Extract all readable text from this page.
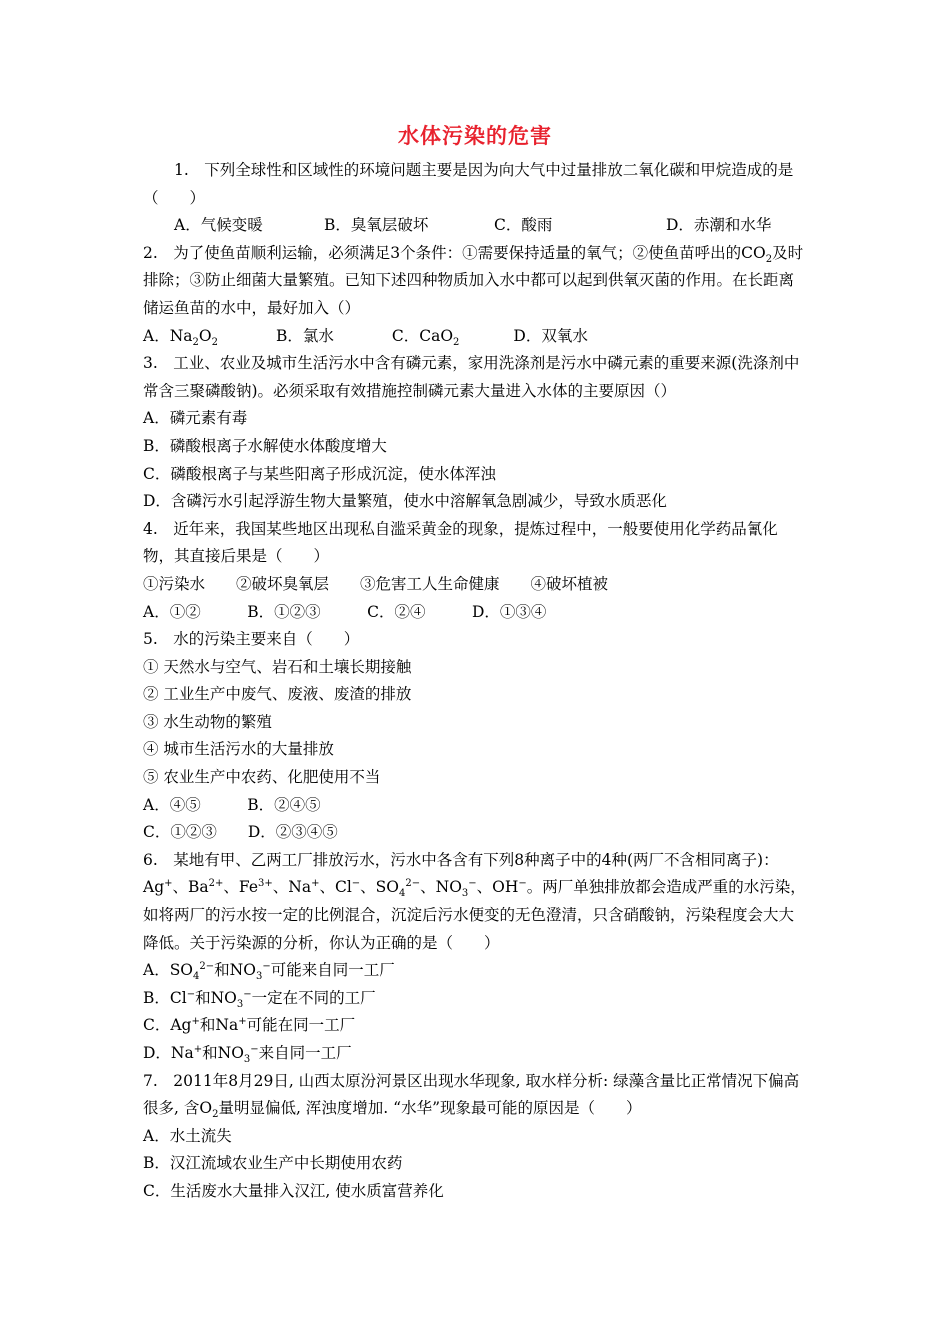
水体污染的危害

1.　下列全球性和区域性的环境问题主要是因为向大气中过量排放二氧化碳和甲烷造成的是（　　）

A．气候变暖	B．臭氧层破坏	C．酸雨	D．赤潮和水华

2.　为了使鱼苗顺利运输，必须满足3个条件：①需要保持适量的氧气；②使鱼苗呼出的$CO_2$及时排除；③防止细菌大量繁殖。已知下述四种物质加入水中都可以起到供氧灭菌的作用。在长距离储运鱼苗的水中，最好加入（）

A．$Na_2O_2$	B．氯水	C．CaO$_2$	D．双氧水

3.　工业、农业及城市生活污水中含有磷元素，家用洗涤剂是污水中磷元素的重要来源(洗涤剂中常含三聚磷酸钠)。必须采取有效措施控制磷元素大量进入水体的主要原因（）

A．磷元素有毒

B．磷酸根离子水解使水体酸度增大

C．磷酸根离子与某些阳离子形成沉淀，使水体浑浊

D．含磷污水引起浮游生物大量繁殖，使水中溶解氧急剧减少，导致水质恶化

4.　近年来，我国某些地区出现私自滥采黄金的现象，提炼过程中，一般要使用化学药品氰化物，其直接后果是（　　）

①污染水　　②破坏臭氧层　　③危害工人生命健康　　④破坏植被

A．①②　　　B．①②③　　　C．②④　　　D．①③④

5.　水的污染主要来自（　　）

① 天然水与空气、岩石和土壤长期接触

② 工业生产中废气、废液、废渣的排放

③ 水生动物的繁殖

④ 城市生活污水的大量排放

⑤ 农业生产中农药、化肥使用不当

A．④⑤　　　B．②④⑤

C．①②③　　D．②③④⑤

6.　某地有甲、乙两工厂排放污水，污水中各含有下列8种离子中的4种(两厂不含相同离子)：Ag+、$Ba^{2+}$、$Fe^{3+}$、Na+、Cl−、$SO_4^{2-}$、$NO_3^-$、OH−。两厂单独排放都会造成严重的水污染，如将两厂的污水按一定的比例混合，沉淀后污水便变的无色澄清，只含硝酸钠，污染程度会大大降低。关于污染源的分析，你认为正确的是（　　）

A．$SO_4^{2-}$和$NO_3^-$可能来自同一工厂

B．Cl−和$NO_3^-$一定在不同的工厂

C．Ag+和Na+可能在同一工厂

D．Na+和$NO_3^-$来自同一工厂

7.　2011年8月29日, 山西太原汾河景区出现水华现象, 取水样分析: 绿藻含量比正常情况下偏高很多, 含$O_2$量明显偏低, 浑浊度增加. “水华”现象最可能的原因是（　　）

A．水土流失

B．汉江流域农业生产中长期使用农药

C．生活废水大量排入汉江, 使水质富营养化
